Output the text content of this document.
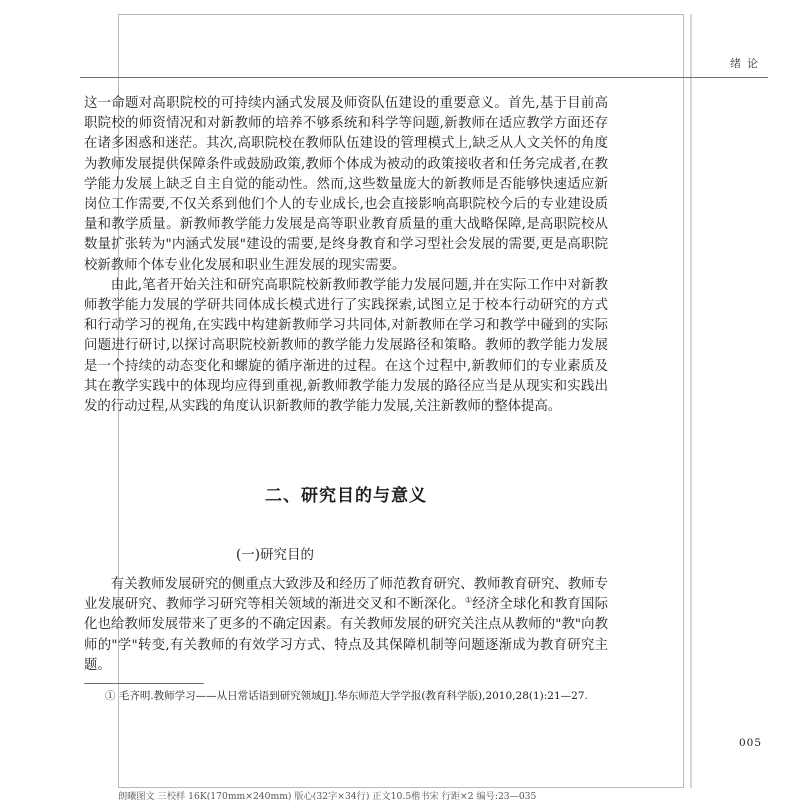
绪论

这一命题对高职院校的可持续内涵式发展及师资队伍建设的重要意义。首先,基于目前高职院校的师资情况和对新教师的培养不够系统和科学等问题,新教师在适应教学方面还存在诸多困惑和迷茫。其次,高职院校在教师队伍建设的管理模式上,缺乏从人文关怀的角度为教师发展提供保障条件或鼓励政策,教师个体成为被动的政策接收者和任务完成者,在教学能力发展上缺乏自主自觉的能动性。然而,这些数量庞大的新教师是否能够快速适应新岗位工作需要,不仅关系到他们个人的专业成长,也会直接影响高职院校今后的专业建设质量和教学质量。新教师教学能力发展是高等职业教育质量的重大战略保障,是高职院校从数量扩张转为"内涵式发展"建设的需要,是终身教育和学习型社会发展的需要,更是高职院校新教师个体专业化发展和职业生涯发展的现实需要。

由此,笔者开始关注和研究高职院校新教师教学能力发展问题,并在实际工作中对新教师教学能力发展的学研共同体成长模式进行了实践探索,试图立足于校本行动研究的方式和行动学习的视角,在实践中构建新教师学习共同体,对新教师在学习和教学中碰到的实际问题进行研讨,以探讨高职院校新教师的教学能力发展路径和策略。教师的教学能力发展是一个持续的动态变化和螺旋的循序渐进的过程。在这个过程中,新教师们的专业素质及其在教学实践中的体现均应得到重视,新教师教学能力发展的路径应当是从现实和实践出发的行动过程,从实践的角度认识新教师的教学能力发展,关注新教师的整体提高。

二、研究目的与意义
(一)研究目的
有关教师发展研究的侧重点大致涉及和经历了师范教育研究、教师教育研究、教师专业发展研究、教师学习研究等相关领域的渐进交叉和不断深化。①经济全球化和教育国际化也给教师发展带来了更多的不确定因素。有关教师发展的研究关注点从教师的"教"向教师的"学"转变,有关教师的有效学习方式、特点及其保障机制等问题逐渐成为教育研究主题。
① 毛齐明.教师学习——从日常话语到研究领域[J].华东师范大学学报(教育科学版),2010,28(1):21—27.
005
朗曦图文 三校样 16K(170mm×240mm) 版心(32字×34行) 正文10.5楷书宋 行距×2 编号:23—035
